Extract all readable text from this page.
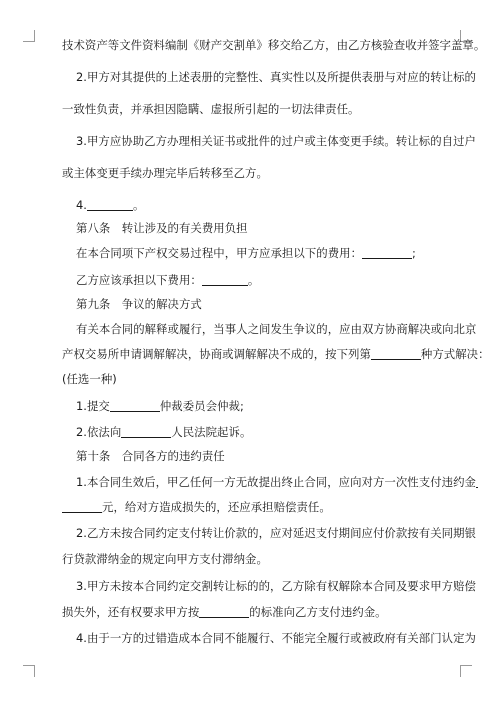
技术资产等文件资料编制《财产交割单》移交给乙方，由乙方核验查收并签字盖章。
2.甲方对其提供的上述表册的完整性、真实性以及所提供表册与对应的转让标的
一致性负责，并承担因隐瞒、虚报所引起的一切法律责任。
3.甲方应协助乙方办理相关证书或批件的过户或主体变更手续。转让标的自过户
或主体变更手续办理完毕后转移至乙方。
4.	。
第八条　转让涉及的有关费用负担
在本合同项下产权交易过程中，甲方应承担以下的费用：	;
乙方应该承担以下费用：	。
第九条　争议的解决方式
有关本合同的解释或履行，当事人之间发生争议的，应由双方协商解决或向北京
产权交易所申请调解解决，协商或调解解决不成的，按下列第	种方式解决：
(任选一种)
1.提交	仲裁委员会仲裁;
2.依法向	人民法院起诉。
第十条　合同各方的违约责任
1.本合同生效后，甲乙任何一方无故提出终止合同，应向对方一次性支付违约金
元，给对方造成损失的，还应承担赔偿责任。
2.乙方未按合同约定支付转让价款的，应对延迟支付期间应付价款按有关同期银
行贷款滞纳金的规定向甲方支付滞纳金。
3.甲方未按本合同约定交割转让标的的，乙方除有权解除本合同及要求甲方赔偿
损失外，还有权要求甲方按	的标准向乙方支付违约金。
4.由于一方的过错造成本合同不能履行、不能完全履行或被政府有关部门认定为
